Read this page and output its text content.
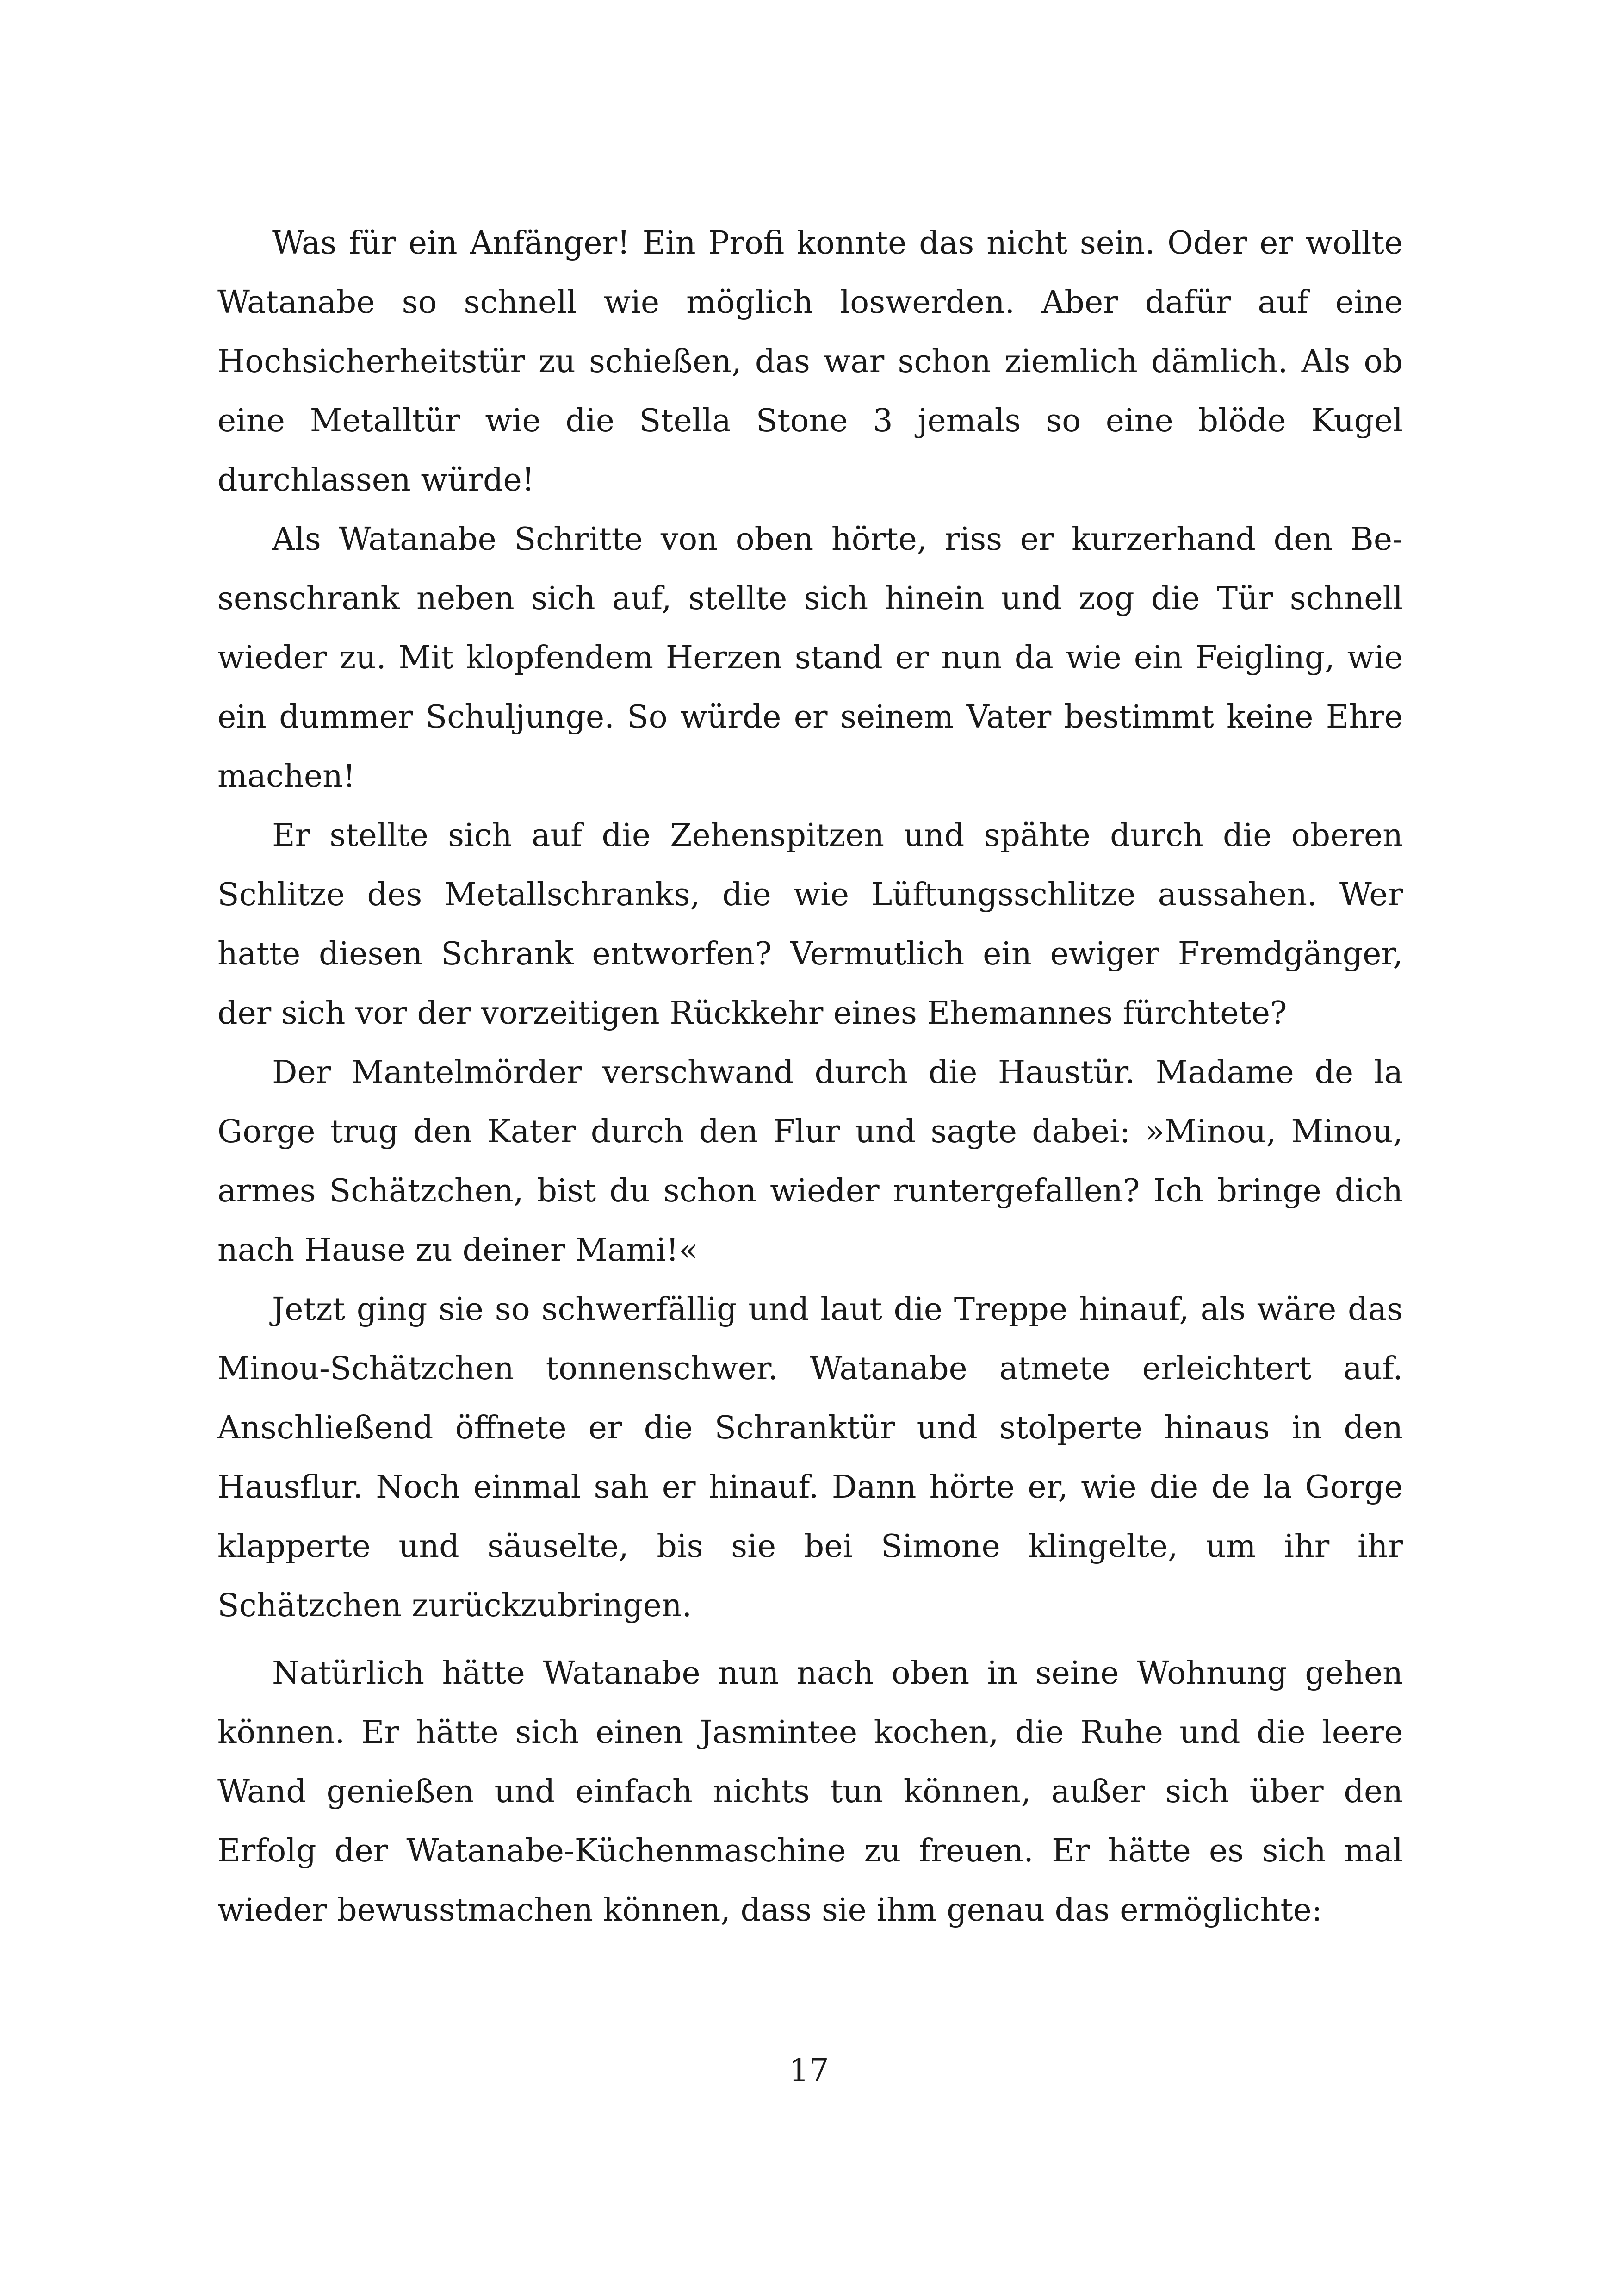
Was für ein Anfänger! Ein Profi konnte das nicht sein. Oder er wollte Watanabe so schnell wie möglich loswerden. Aber dafür auf eine Hochsicherheitstür zu schießen, das war schon ziemlich dämlich. Als ob eine Metalltür wie die Stella Stone 3 jemals so eine blöde Kugel durchlassen würde!

Als Watanabe Schritte von oben hörte, riss er kurzerhand den Besenschrank neben sich auf, stellte sich hinein und zog die Tür schnell wieder zu. Mit klopfendem Herzen stand er nun da wie ein Feigling, wie ein dummer Schuljunge. So würde er seinem Vater bestimmt keine Ehre machen!

Er stellte sich auf die Zehenspitzen und spähte durch die oberen Schlitze des Metallschranks, die wie Lüftungsschlitze aussahen. Wer hatte diesen Schrank entworfen? Vermutlich ein ewiger Fremdgänger, der sich vor der vorzeitigen Rückkehr eines Ehemannes fürchtete?

Der Mantelmörder verschwand durch die Haustür. Madame de la Gorge trug den Kater durch den Flur und sagte dabei: »Minou, Minou, armes Schätzchen, bist du schon wieder runtergefallen? Ich bringe dich nach Hause zu deiner Mami!«

Jetzt ging sie so schwerfällig und laut die Treppe hinauf, als wäre das Minou-Schätzchen tonnenschwer. Watanabe atmete erleichtert auf. Anschließend öffnete er die Schranktür und stolperte hinaus in den Hausflur. Noch einmal sah er hinauf. Dann hörte er, wie die de la Gorge klapperte und säuselte, bis sie bei Simone klingelte, um ihr ihr Schätzchen zurückzubringen.

Natürlich hätte Watanabe nun nach oben in seine Wohnung gehen können. Er hätte sich einen Jasmintee kochen, die Ruhe und die leere Wand genießen und einfach nichts tun können, außer sich über den Erfolg der Watanabe-Küchenmaschine zu freuen. Er hätte es sich mal wieder bewusstmachen können, dass sie ihm genau das ermöglichte:

17
